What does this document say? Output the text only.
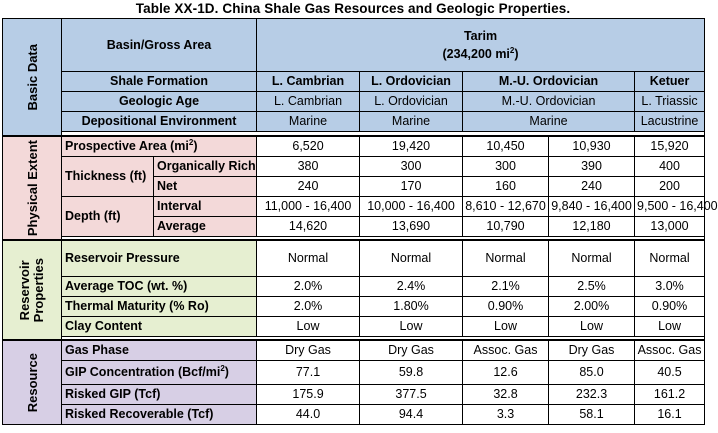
Table XX-1D. China Shale Gas Resources and Geologic Properties.
Basic Data	Basin/Gross Area		Tarim
(234,200 $mi^2$)				

	Shale Formation		L. Cambrian	L. Ordovician	M.-U. Ordovician		Ketuer
	Geologic Age		L. Cambrian	L. Ordovician	M.-U. Ordovician		L. Triassic
	Depositional Environment		Marine	Marine	Marine		Lacustrine

Physical Extent	Prospective Area $(mi^2)$		6,520	19,420	10,450	10,930	15,920
	Thickness (ft)	Organically Rich	380	300	300	390	400
		Net	240	170	160	240	200
	Depth (ft)	Interval	11,000 - 16,400	10,000 - 16,400	8,610 - 12,670	9,840 - 16,400	9,500 - 16,400
		Average	14,620	13,690	10,790	12,180	13,000

Reservoir
Properties	Reservoir Pressure		Normal	Normal	Normal	Normal	Normal
	Average TOC (wt. %)		2.0%	2.4%	2.1%	2.5%	3.0%
	Thermal Maturity (% Ro)		2.0%	1.80%	0.90%	2.00%	0.90%
	Clay Content		Low	Low	Low	Low	Low

Resource	Gas Phase		Dry Gas	Dry Gas	Assoc. Gas	Dry Gas	Assoc. Gas
	GIP Concentration $(Bcf/mi^2)$		77.1	59.8	12.6	85.0	40.5
	Risked GIP (Tcf)		175.9	377.5	32.8	232.3	161.2
	Risked Recoverable (Tcf)		44.0	94.4	3.3	58.1	16.1
